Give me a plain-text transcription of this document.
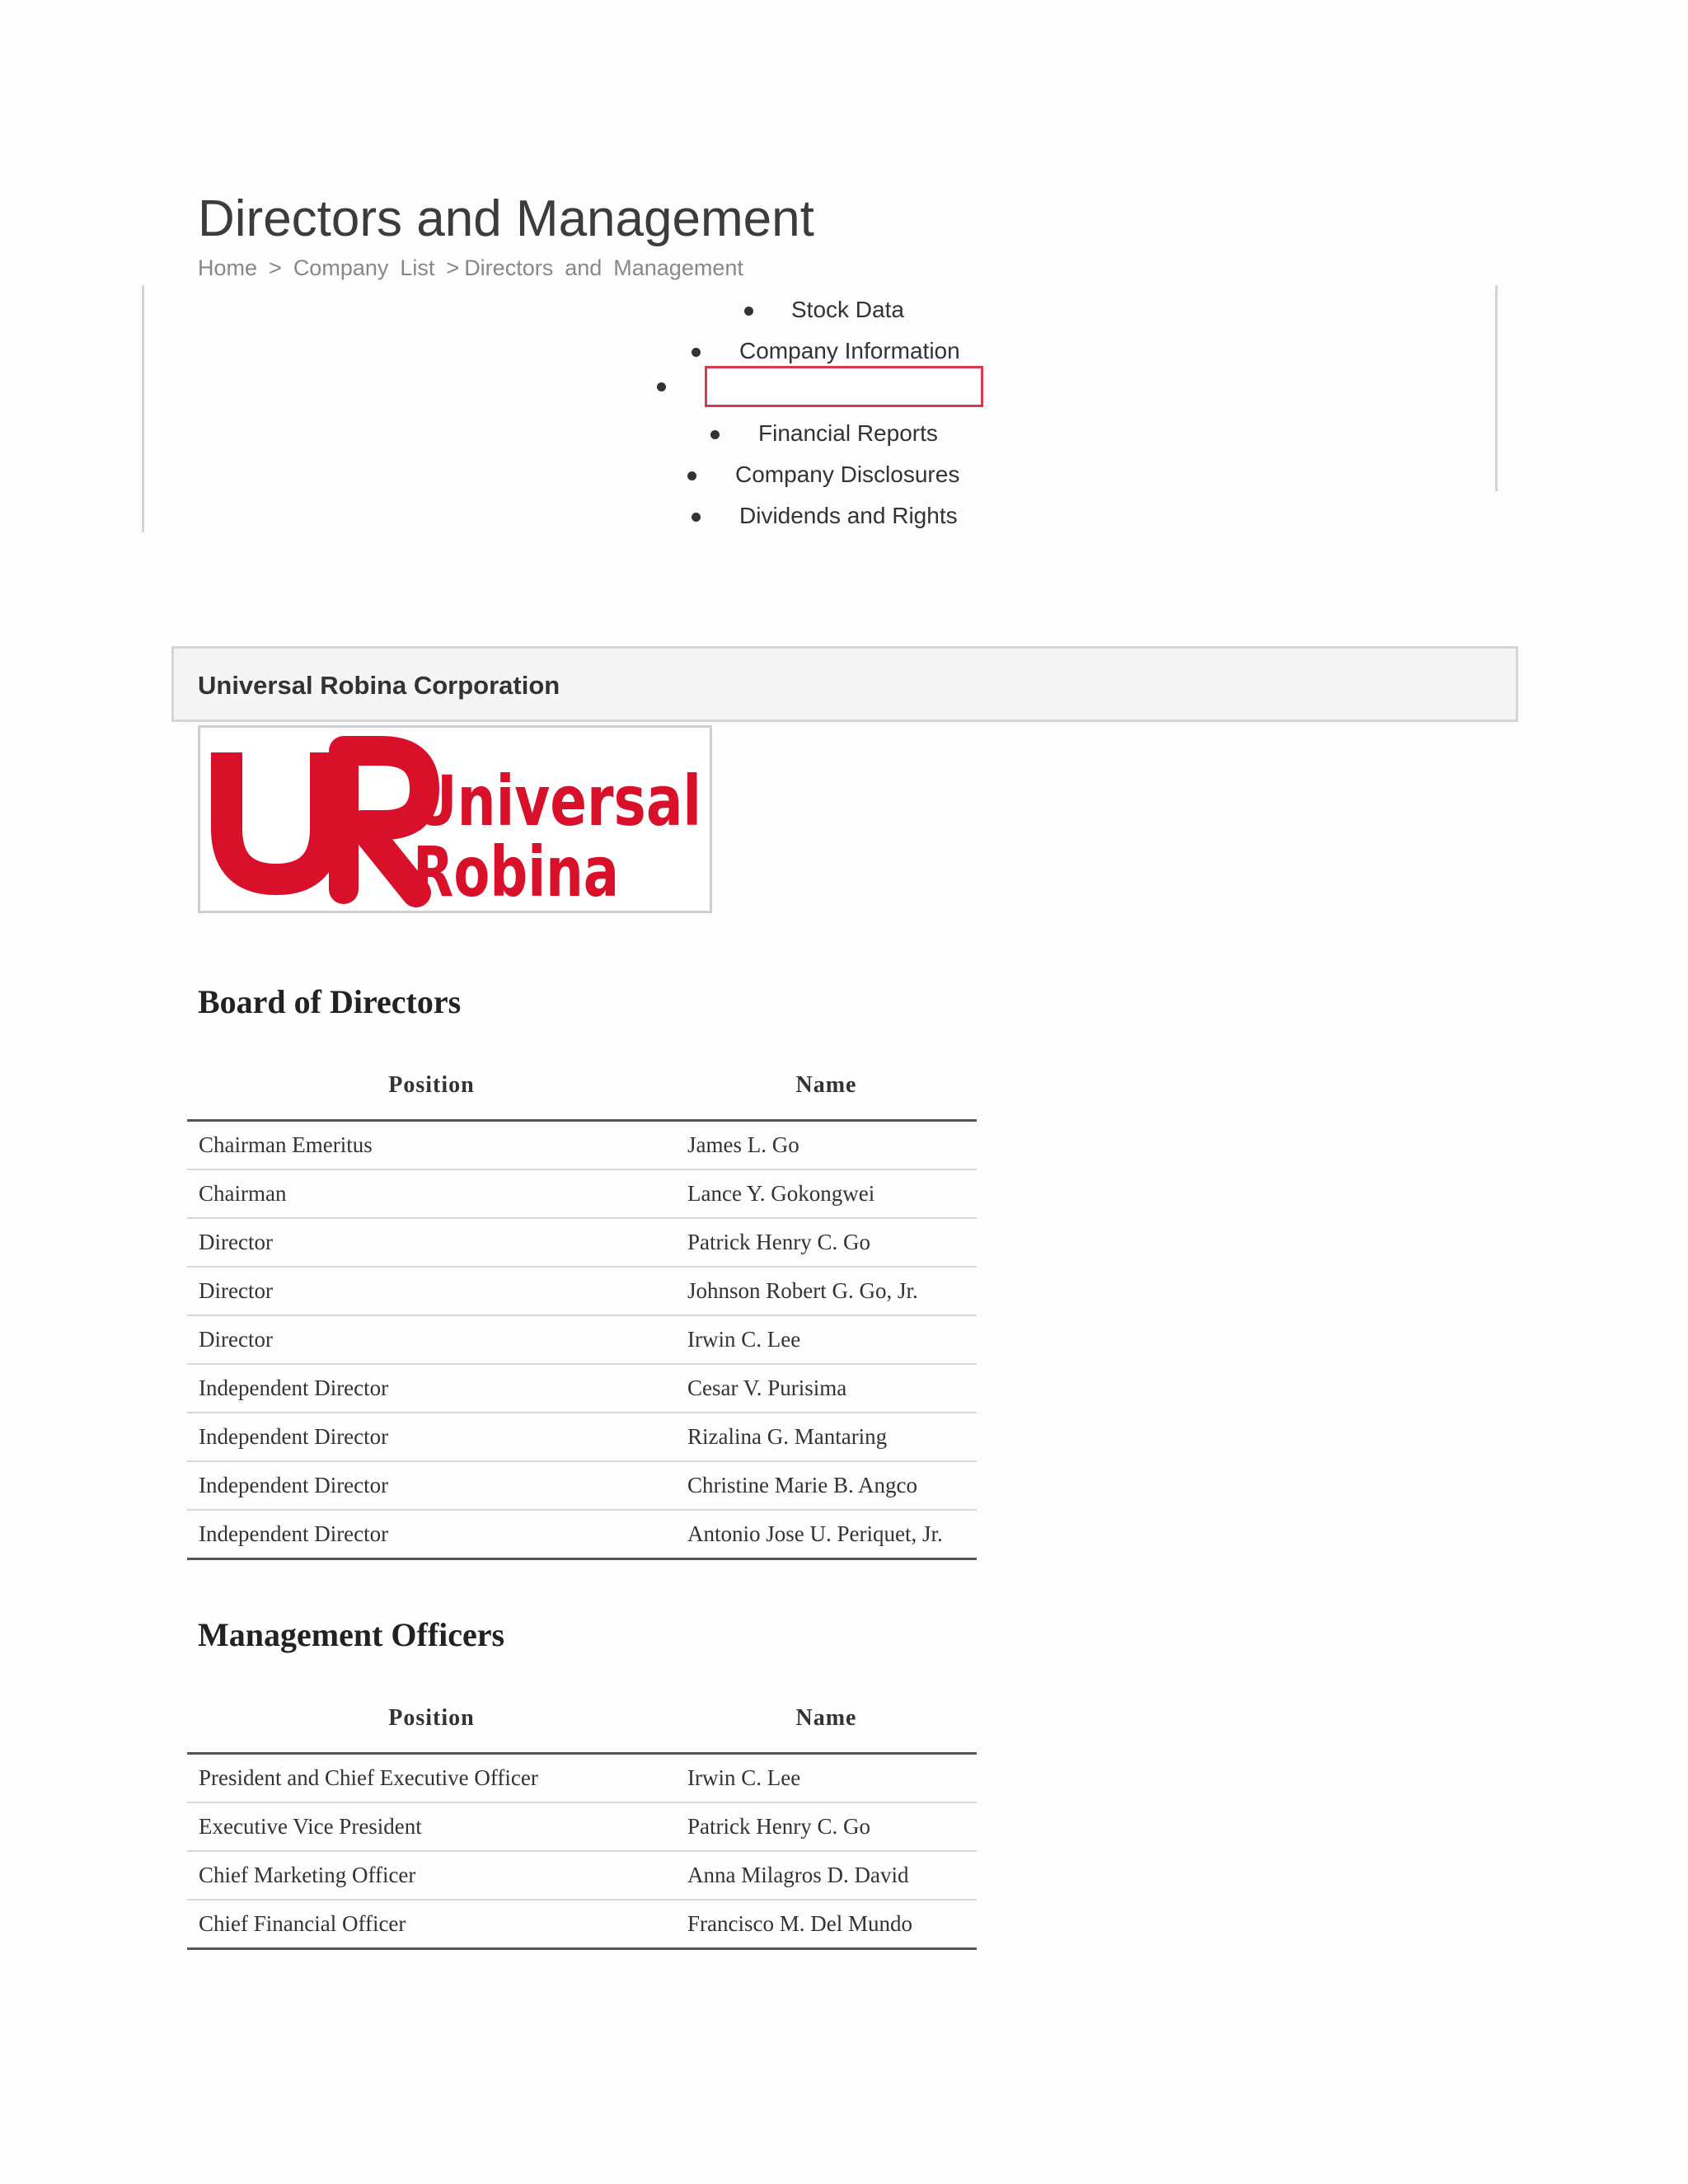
Directors and Management
Home > Company List > Directors and Management
Stock Data
Company Information
Financial Reports
Company Disclosures
Dividends and Rights
Universal Robina Corporation
Universal
Robina
Board of Directors
Position	Name
Chairman Emeritus	James L. Go
Chairman	Lance Y. Gokongwei
Director	Patrick Henry C. Go
Director	Johnson Robert G. Go, Jr.
Director	Irwin C. Lee
Independent Director	Cesar V. Purisima
Independent Director	Rizalina G. Mantaring
Independent Director	Christine Marie B. Angco
Independent Director	Antonio Jose U. Periquet, Jr.
Management Officers
Position	Name
President and Chief Executive Officer	Irwin C. Lee
Executive Vice President	Patrick Henry C. Go
Chief Marketing Officer	Anna Milagros D. David
Chief Financial Officer	Francisco M. Del Mundo
